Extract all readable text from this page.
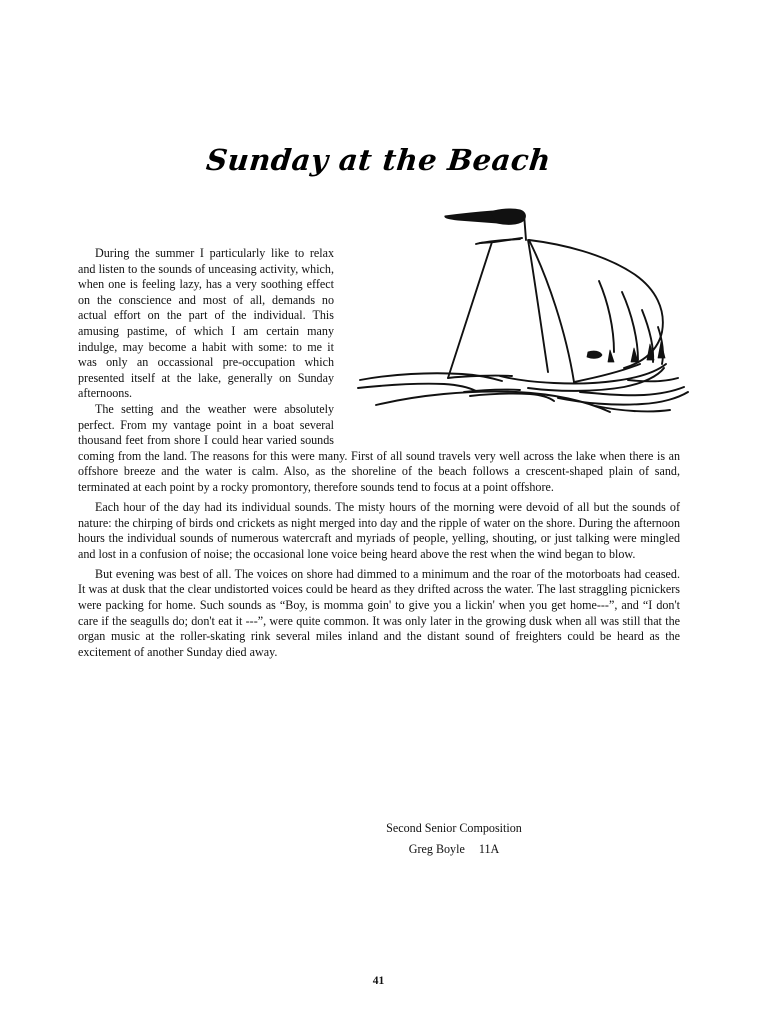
Sunday at the Beach

During the summer I particularly like to relax and listen to the sounds of unceasing activity, which, when one is feeling lazy, has a very soothing effect on the conscience and most of all, demands no actual effort on the part of the individual. This amusing pastime, of which I am certain many indulge, may become a habit with some: to me it was only an occassional pre-occupation which presented itself at the lake, generally on Sunday afternoons.

The setting and the weather were absolutely perfect. From my vantage point in a boat several thousand feet from shore I could hear varied sounds coming from the land. The reasons for this were many. First of all sound travels very well across the lake when there is an offshore breeze and the water is calm. Also, as the shoreline of the beach follows a crescent-shaped plain of sand, terminated at each point by a rocky promontory, therefore sounds tend to focus at a point offshore.

Each hour of the day had its individual sounds. The misty hours of the morning were devoid of all but the sounds of nature: the chirping of birds ond crickets as night merged into day and the ripple of water on the shore. During the afternoon hours the individual sounds of numerous watercraft and myriads of people, yelling, shouting, or just talking were mingled and lost in a confusion of noise; the occasional lone voice being heard above the rest when the wind began to blow.

But evening was best of all. The voices on shore had dimmed to a minimum and the roar of the motorboats had ceased. It was at dusk that the clear undistorted voices could be heard as they drifted across the water. The last straggling picnickers were packing for home. Such sounds as “Boy, is momma goin' to give you a lickin' when you get home---”, and “I don't care if the seagulls do; don't eat it ---”, were quite common. It was only later in the growing dusk when all was still that the organ music at the roller-skating rink several miles inland and the distant sound of freighters could be heard as the excitement of another Sunday died away.

Second Senior Composition
Greg Boyle 11A
41
